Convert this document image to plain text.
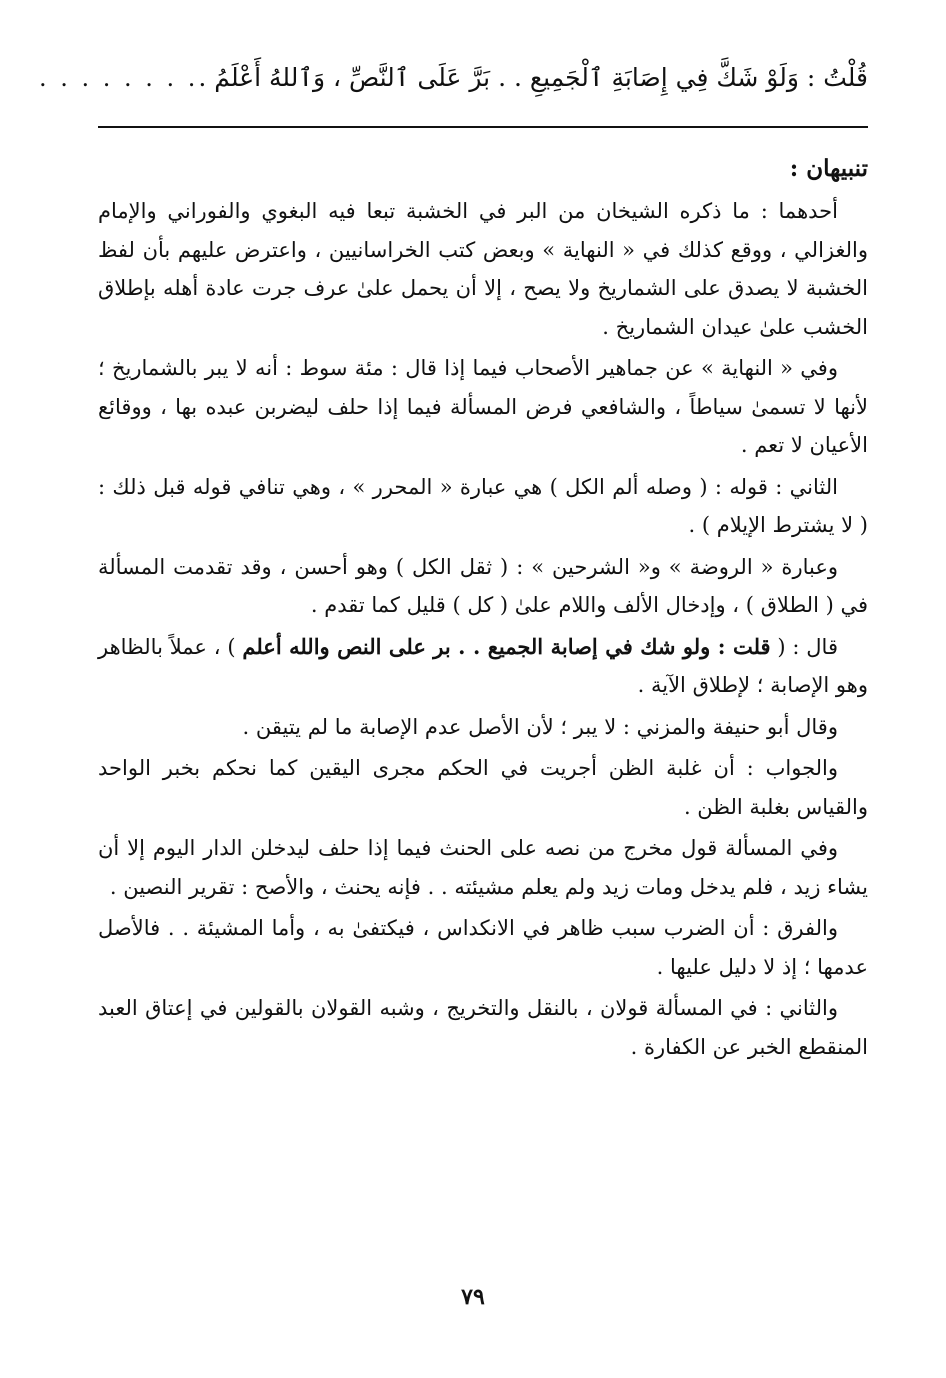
قُلْتُ : وَلَوْ شَكَّ فِي إِصَابَةِ ٱلْجَمِيعِ . . بَرَّ عَلَى ٱلنَّصِّ ، وَٱللهُ أَعْلَمُ .
. . . . . . . .
تنبيهان :

أحدهما : ما ذكره الشيخان من البر في الخشبة تبعا فيه البغوي والفوراني والإمام والغزالي ، ووقع كذلك في « النهاية » وبعض كتب الخراسانيين ، واعترض عليهم بأن لفظ الخشبة لا يصدق على الشماريخ ولا يصح ، إلا أن يحمل علىٰ عرف جرت عادة أهله بإطلاق الخشب علىٰ عيدان الشماريخ .

وفي « النهاية » عن جماهير الأصحاب فيما إذا قال : مئة سوط : أنه لا يبر بالشماريخ ؛ لأنها لا تسمىٰ سياطاً ، والشافعي فرض المسألة فيما إذا حلف ليضربن عبده بها ، ووقائع الأعيان لا تعم .

الثاني : قوله : ( وصله ألم الكل ) هي عبارة « المحرر » ، وهي تنافي قوله قبل ذلك : ( لا يشترط الإيلام ) .

وعبارة « الروضة » و« الشرحين » : ( ثقل الكل ) وهو أحسن ، وقد تقدمت المسألة في ( الطلاق ) ، وإدخال الألف واللام علىٰ ( كل ) قليل كما تقدم .

قال : ( قلت : ولو شك في إصابة الجميع . . بر على النص والله أعلم ) ، عملاً بالظاهر وهو الإصابة ؛ لإطلاق الآية .

وقال أبو حنيفة والمزني : لا يبر ؛ لأن الأصل عدم الإصابة ما لم يتيقن .

والجواب : أن غلبة الظن أجريت في الحكم مجرى اليقين كما نحكم بخبر الواحد والقياس بغلبة الظن .

وفي المسألة قول مخرج من نصه على الحنث فيما إذا حلف ليدخلن الدار اليوم إلا أن يشاء زيد ، فلم يدخل ومات زيد ولم يعلم مشيئته . . فإنه يحنث ، والأصح : تقرير النصين .

والفرق : أن الضرب سبب ظاهر في الانكداس ، فيكتفىٰ به ، وأما المشيئة . . فالأصل عدمها ؛ إذ لا دليل عليها .

والثاني : في المسألة قولان ، بالنقل والتخريج ، وشبه القولان بالقولين في إعتاق العبد المنقطع الخبر عن الكفارة .

٧٩
